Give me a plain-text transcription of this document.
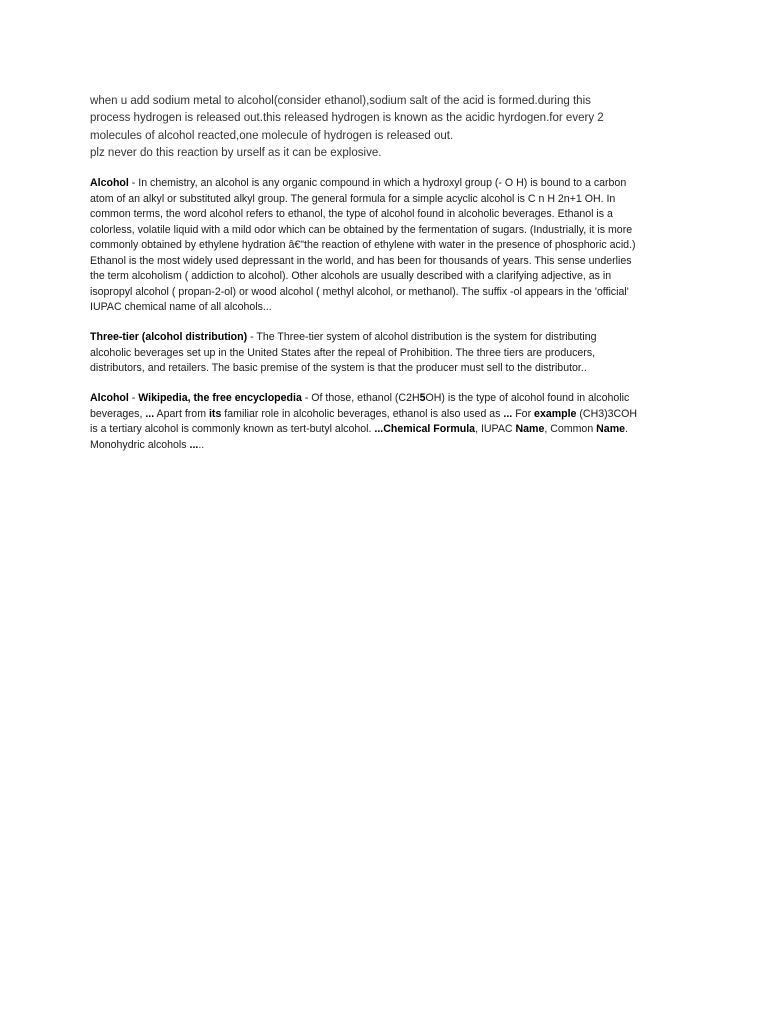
when u add sodium metal to alcohol(consider ethanol),sodium salt of the acid is formed.during this
process hydrogen is released out.this released hydrogen is known as the acidic hyrdogen.for every 2
molecules of alcohol reacted,one molecule of hydrogen is released out.
plz never do this reaction by urself as it can be explosive.

Alcohol - In chemistry, an alcohol is any organic compound in which a hydroxyl group (- O H) is bound to a carbon
atom of an alkyl or substituted alkyl group. The general formula for a simple acyclic alcohol is C n H 2n+1 OH. In
common terms, the word alcohol refers to ethanol, the type of alcohol found in alcoholic beverages. Ethanol is a
colorless, volatile liquid with a mild odor which can be obtained by the fermentation of sugars. (Industrially, it is more
commonly obtained by ethylene hydration â€"the reaction of ethylene with water in the presence of phosphoric acid.)
Ethanol is the most widely used depressant in the world, and has been for thousands of years. This sense underlies
the term alcoholism ( addiction to alcohol). Other alcohols are usually described with a clarifying adjective, as in
isopropyl alcohol ( propan-2-ol) or wood alcohol ( methyl alcohol, or methanol). The suffix -ol appears in the 'official'
IUPAC chemical name of all alcohols...

Three-tier (alcohol distribution) - The Three-tier system of alcohol distribution is the system for distributing
alcoholic beverages set up in the United States after the repeal of Prohibition. The three tiers are producers,
distributors, and retailers. The basic premise of the system is that the producer must sell to the distributor..

Alcohol - Wikipedia, the free encyclopedia - Of those, ethanol (C2H5OH) is the type of alcohol found in alcoholic
beverages, ... Apart from its familiar role in alcoholic beverages, ethanol is also used as ... For example (CH3)3COH
is a tertiary alcohol is commonly known as tert-butyl alcohol. ...Chemical Formula, IUPAC Name, Common Name.
Monohydric alcohols .....
